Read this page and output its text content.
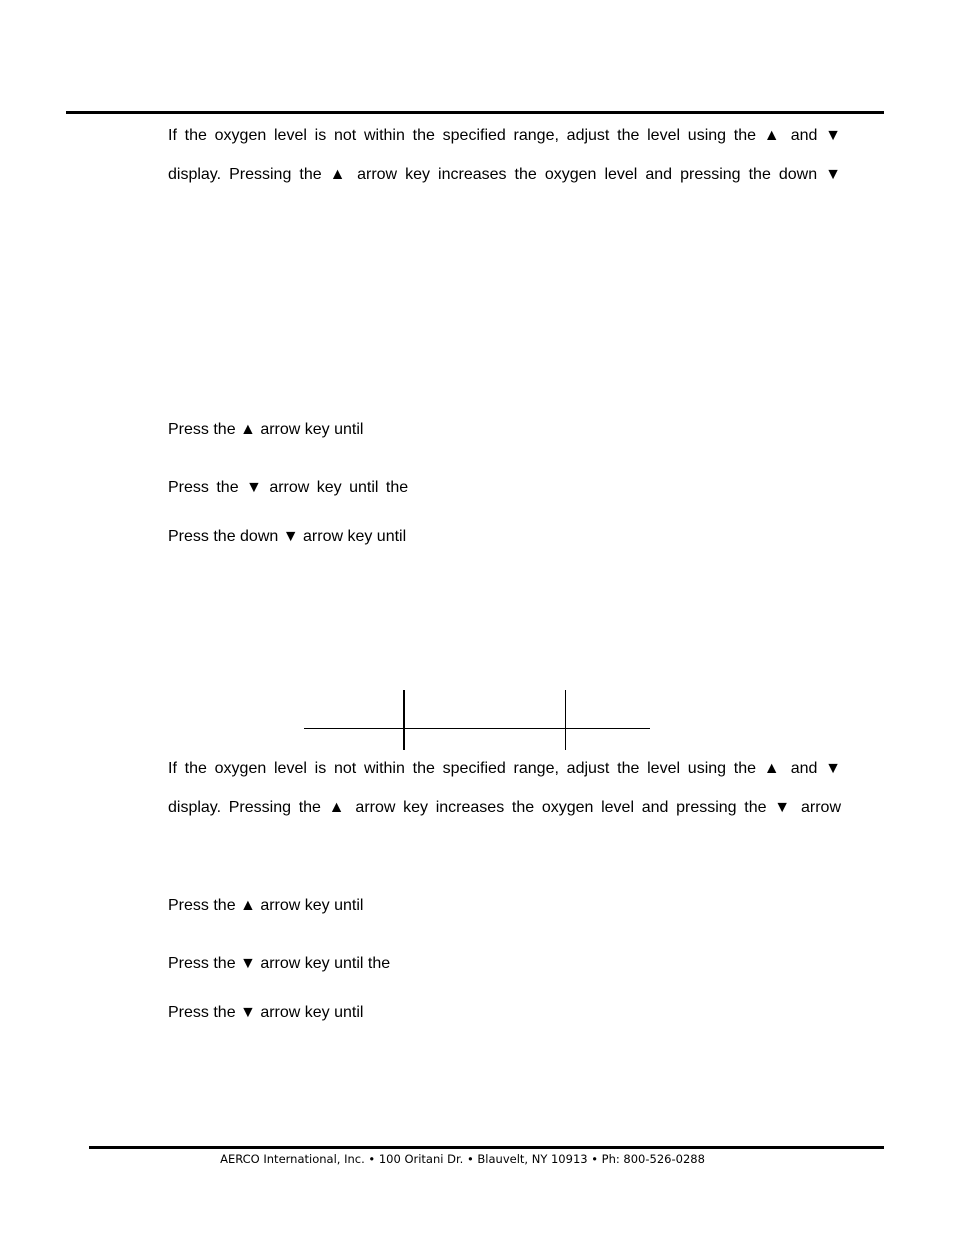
If the oxygen level is not within the specified range, adjust the level using the ▲ and ▼
display. Pressing the ▲ arrow key increases the oxygen level and pressing the down ▼
Press the ▲ arrow key until
Press the ▼ arrow key until the
Press the down ▼ arrow key until
If the oxygen level is not within the specified range, adjust the level using the ▲ and ▼
display. Pressing the ▲ arrow key increases the oxygen level and pressing the ▼ arrow
Press the ▲ arrow key until
Press the ▼ arrow key until the
Press the ▼ arrow key until
AERCO International, Inc. • 100 Oritani Dr. • Blauvelt, NY 10913 • Ph: 800-526-0288
